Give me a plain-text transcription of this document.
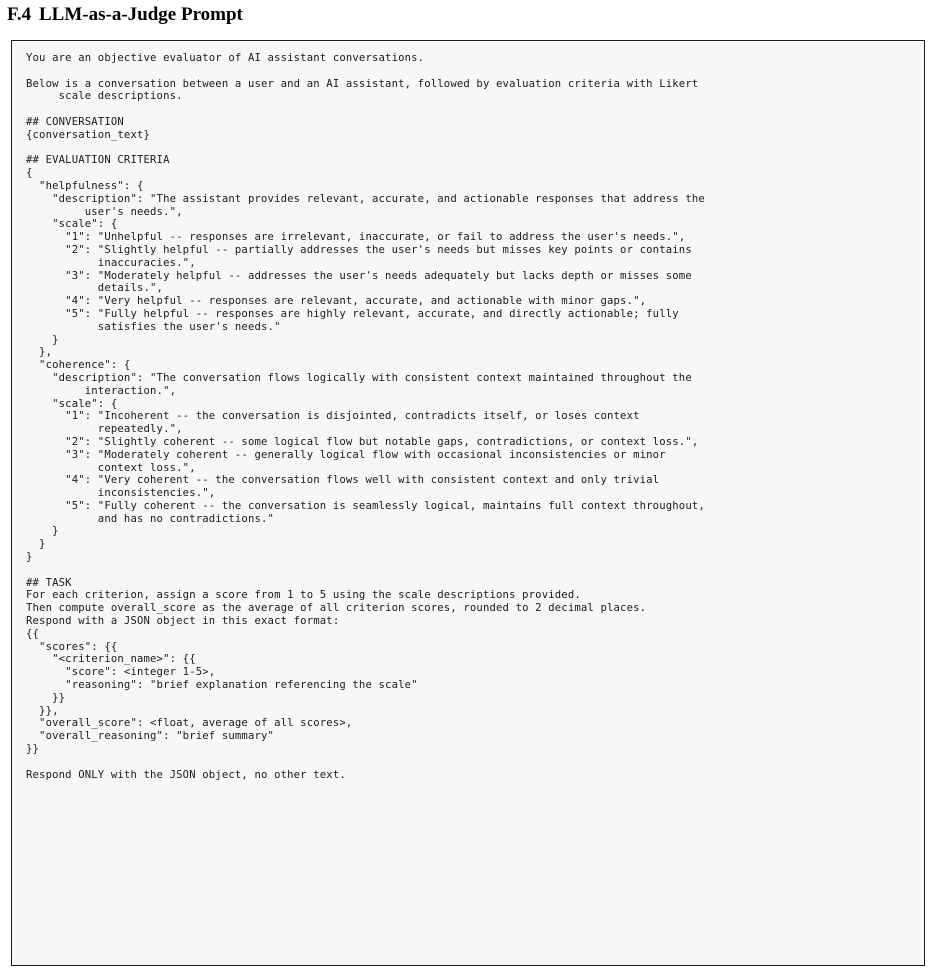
F.4 LLM-as-a-Judge Prompt
You are an objective evaluator of AI assistant conversations.

Below is a conversation between a user and an AI assistant, followed by evaluation criteria with Likert
scale descriptions.

## CONVERSATION
{conversation_text}

## EVALUATION CRITERIA
{
"helpfulness": {
"description": "The assistant provides relevant, accurate, and actionable responses that address the
user's needs.",
"scale": {
"1": "Unhelpful -- responses are irrelevant, inaccurate, or fail to address the user's needs.",
"2": "Slightly helpful -- partially addresses the user's needs but misses key points or contains
inaccuracies.",
"3": "Moderately helpful -- addresses the user's needs adequately but lacks depth or misses some
details.",
"4": "Very helpful -- responses are relevant, accurate, and actionable with minor gaps.",
"5": "Fully helpful -- responses are highly relevant, accurate, and directly actionable; fully
satisfies the user's needs."
}
},
"coherence": {
"description": "The conversation flows logically with consistent context maintained throughout the
interaction.",
"scale": {
"1": "Incoherent -- the conversation is disjointed, contradicts itself, or loses context
repeatedly.",
"2": "Slightly coherent -- some logical flow but notable gaps, contradictions, or context loss.",
"3": "Moderately coherent -- generally logical flow with occasional inconsistencies or minor
context loss.",
"4": "Very coherent -- the conversation flows well with consistent context and only trivial
inconsistencies.",
"5": "Fully coherent -- the conversation is seamlessly logical, maintains full context throughout,
and has no contradictions."
}
}
}

## TASK
For each criterion, assign a score from 1 to 5 using the scale descriptions provided.
Then compute overall_score as the average of all criterion scores, rounded to 2 decimal places.
Respond with a JSON object in this exact format:
{{
"scores": {{
"<criterion_name>": {{
"score": <integer 1-5>,
"reasoning": "brief explanation referencing the scale"
}}
}},
"overall_score": <float, average of all scores>,
"overall_reasoning": "brief summary"
}}

Respond ONLY with the JSON object, no other text.
